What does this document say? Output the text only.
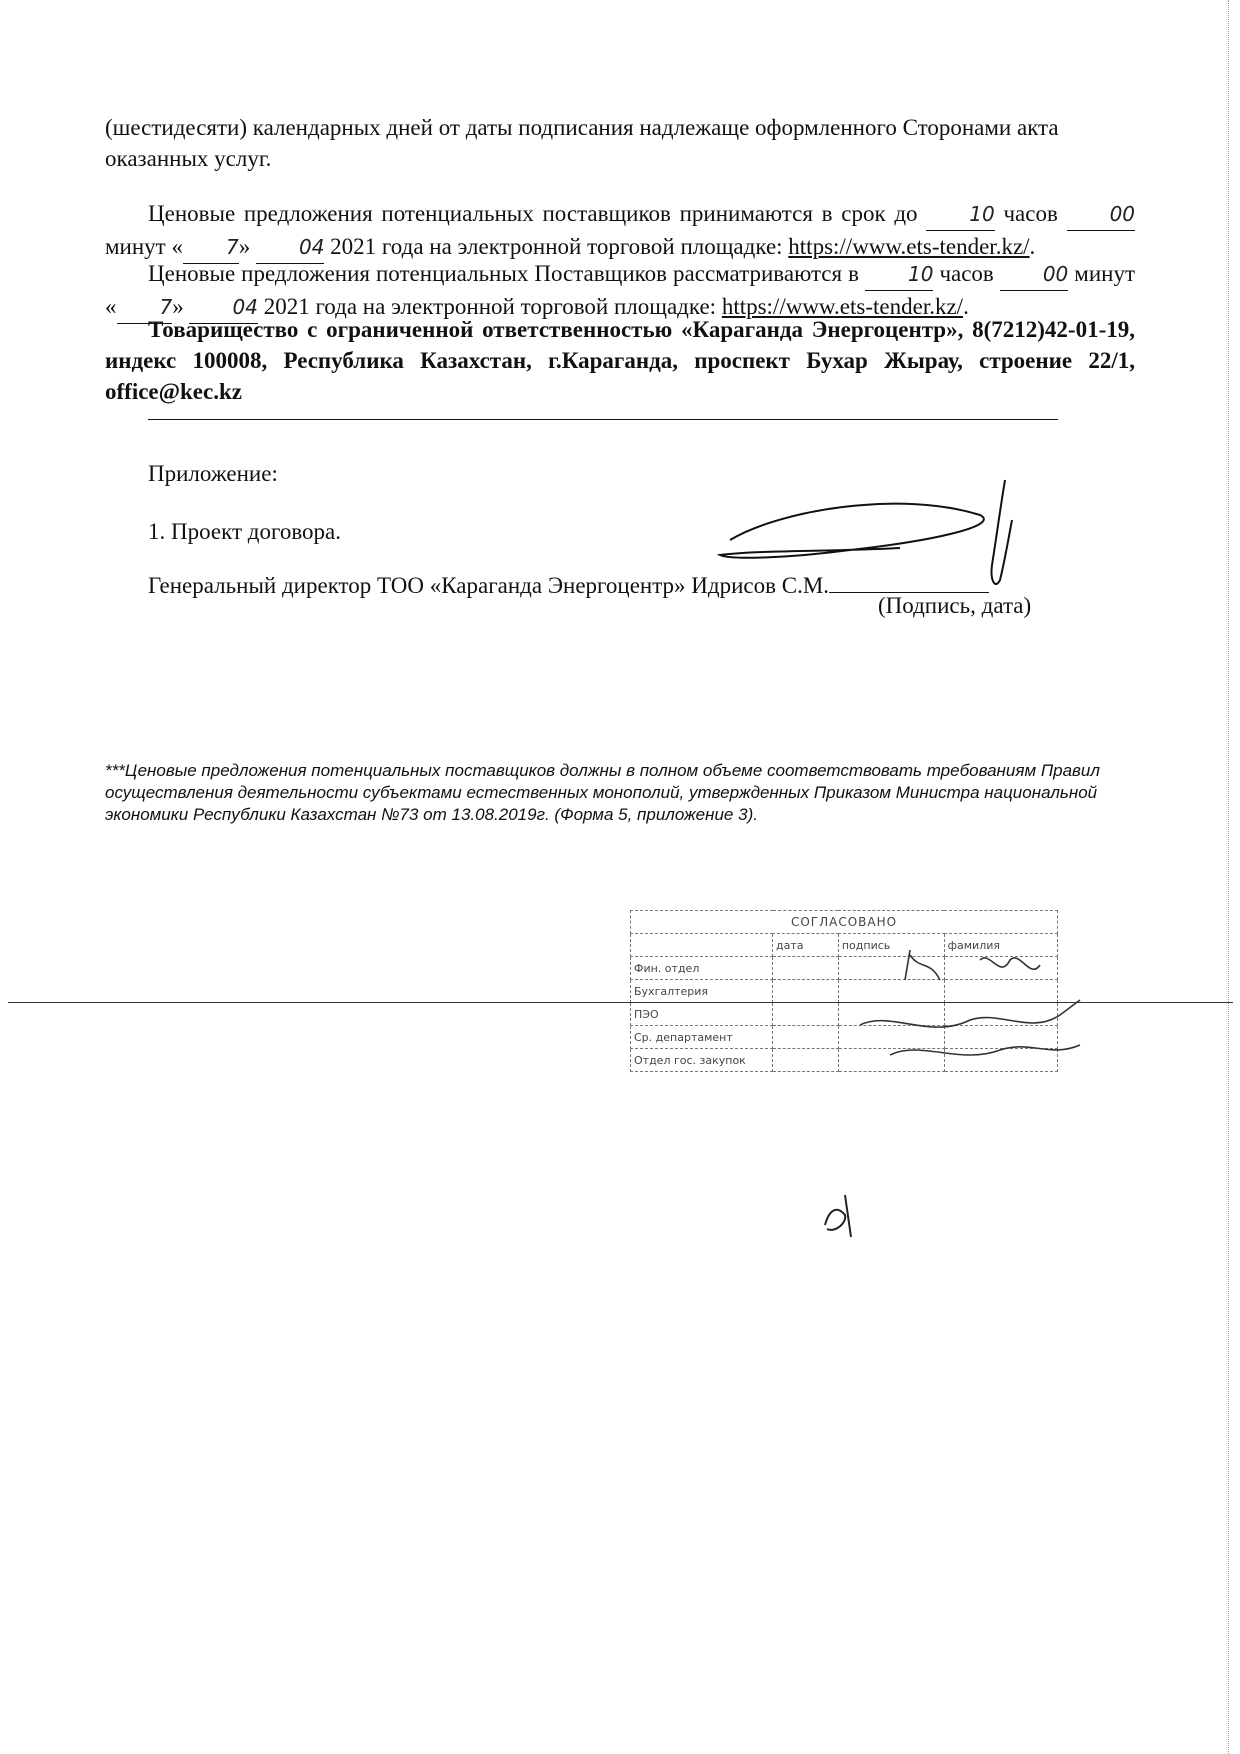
(шестидесяти) календарных дней от даты подписания надлежаще оформленного Сторонами акта оказанных услуг.

Ценовые предложения потенциальных поставщиков принимаются в срок до	10 часов	00 минут « 7» 04 2021 года на электронной торговой площадке: https://www.ets-tender.kz/.

Ценовые предложения потенциальных Поставщиков рассматриваются в 10 часов 00 минут « 7» 04 2021 года на электронной торговой площадке: https://www.ets-tender.kz/.

Товарищество с ограниченной ответственностью «Караганда Энергоцентр», 8(7212)42-01-19, индекс 100008, Республика Казахстан, г.Караганда, проспект Бухар Жырау, строение 22/1, office@kec.kz

Приложение:

1. Проект договора.

Генеральный директор ТОО «Караганда Энергоцентр» Идрисов С.М.

(Подпись, дата)

***Ценовые предложения потенциальных поставщиков должны в полном объеме соответствовать требованиям Правил осуществления деятельности субъектами естественных монополий, утвержденных Приказом Министра национальной экономики Республики Казахстан №73 от 13.08.2019г. (Форма 5, приложение 3).

СОГЛАСОВАНО			
	дата	подпись	фамилия
Фин. отдел			
Бухгалтерия			
ПЭО			
Ср. департамент			
Отдел гос. закупок			
